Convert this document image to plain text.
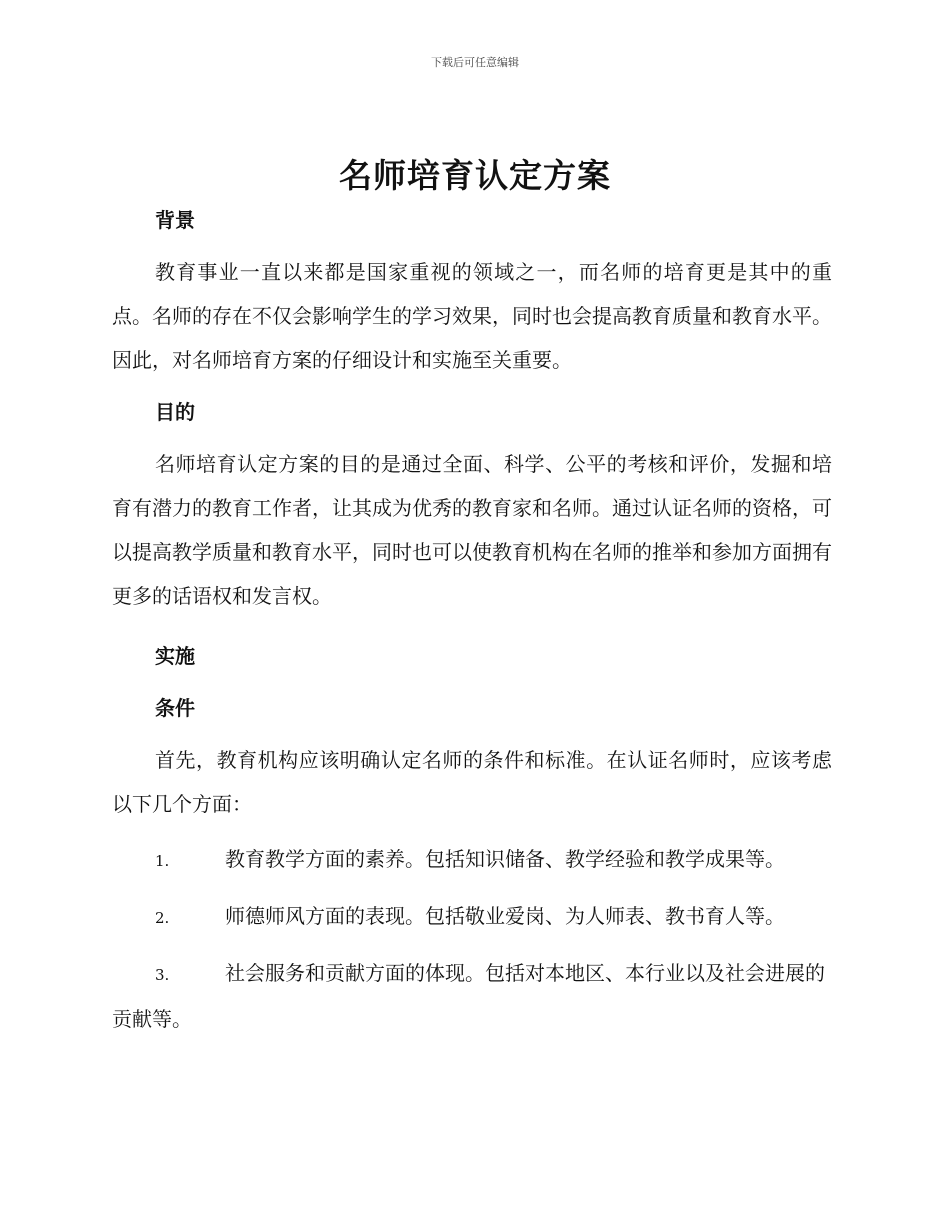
下载后可任意编辑
名师培育认定方案
背景

教育事业一直以来都是国家重视的领域之一，而名师的培育更是其中的重点。名师的存在不仅会影响学生的学习效果，同时也会提高教育质量和教育水平。因此，对名师培育方案的仔细设计和实施至关重要。

目的

名师培育认定方案的目的是通过全面、科学、公平的考核和评价，发掘和培育有潜力的教育工作者，让其成为优秀的教育家和名师。通过认证名师的资格，可以提高教学质量和教育水平，同时也可以使教育机构在名师的推举和参加方面拥有更多的话语权和发言权。

实施
条件

首先，教育机构应该明确认定名师的条件和标准。在认证名师时，应该考虑以下几个方面：

1.	教育教学方面的素养。包括知识储备、教学经验和教学成果等。

2.	师德师风方面的表现。包括敬业爱岗、为人师表、教书育人等。

3.	社会服务和贡献方面的体现。包括对本地区、本行业以及社会进展的贡献等。
